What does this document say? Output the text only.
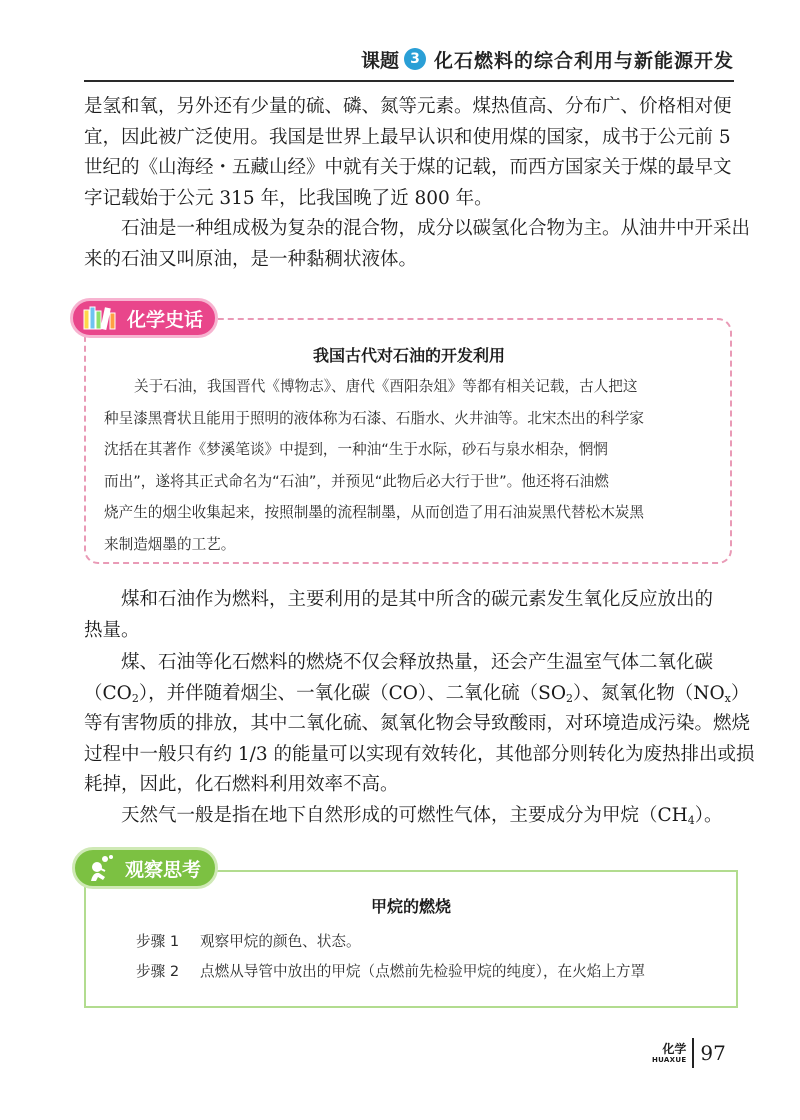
课题 3 化石燃料的综合利用与新能源开发

是氢和氧，另外还有少量的硫、磷、氮等元素。煤热值高、分布广、价格相对便
宜，因此被广泛使用。我国是世界上最早认识和使用煤的国家，成书于公元前 5
世纪的《山海经・五藏山经》中就有关于煤的记载，而西方国家关于煤的最早文
字记载始于公元 315 年，比我国晚了近 800 年。

石油是一种组成极为复杂的混合物，成分以碳氢化合物为主。从油井中开采出
来的石油又叫原油，是一种黏稠状液体。

化学史话

我国古代对石油的开发利用

关于石油，我国晋代《博物志》、唐代《酉阳杂俎》等都有相关记载，古人把这
种呈漆黑膏状且能用于照明的液体称为石漆、石脂水、火井油等。北宋杰出的科学家
沈括在其著作《梦溪笔谈》中提到，一种油“生于水际，砂石与泉水相杂，惘惘
而出”，遂将其正式命名为“石油”，并预见“此物后必大行于世”。他还将石油燃
烧产生的烟尘收集起来，按照制墨的流程制墨，从而创造了用石油炭黑代替松木炭黑
来制造烟墨的工艺。

煤和石油作为燃料，主要利用的是其中所含的碳元素发生氧化反应放出的
热量。

煤、石油等化石燃料的燃烧不仅会释放热量，还会产生温室气体二氧化碳
$(CO_2)$，并伴随着烟尘、一氧化碳（CO）、二氧化硫$(SO_2)$、氮氧化物$(NO_x)$
等有害物质的排放，其中二氧化硫、氮氧化物会导致酸雨，对环境造成污染。燃烧
过程中一般只有约 1/3 的能量可以实现有效转化，其他部分则转化为废热排出或损
耗掉，因此，化石燃料利用效率不高。

天然气一般是指在地下自然形成的可燃性气体，主要成分为甲烷$(CH_4)$。

观察思考

甲烷的燃烧

步骤 1	观察甲烷的颜色、状态。
步骤 2	点燃从导管中放出的甲烷（点燃前先检验甲烷的纯度），在火焰上方罩
化学
HUAXUE 97
